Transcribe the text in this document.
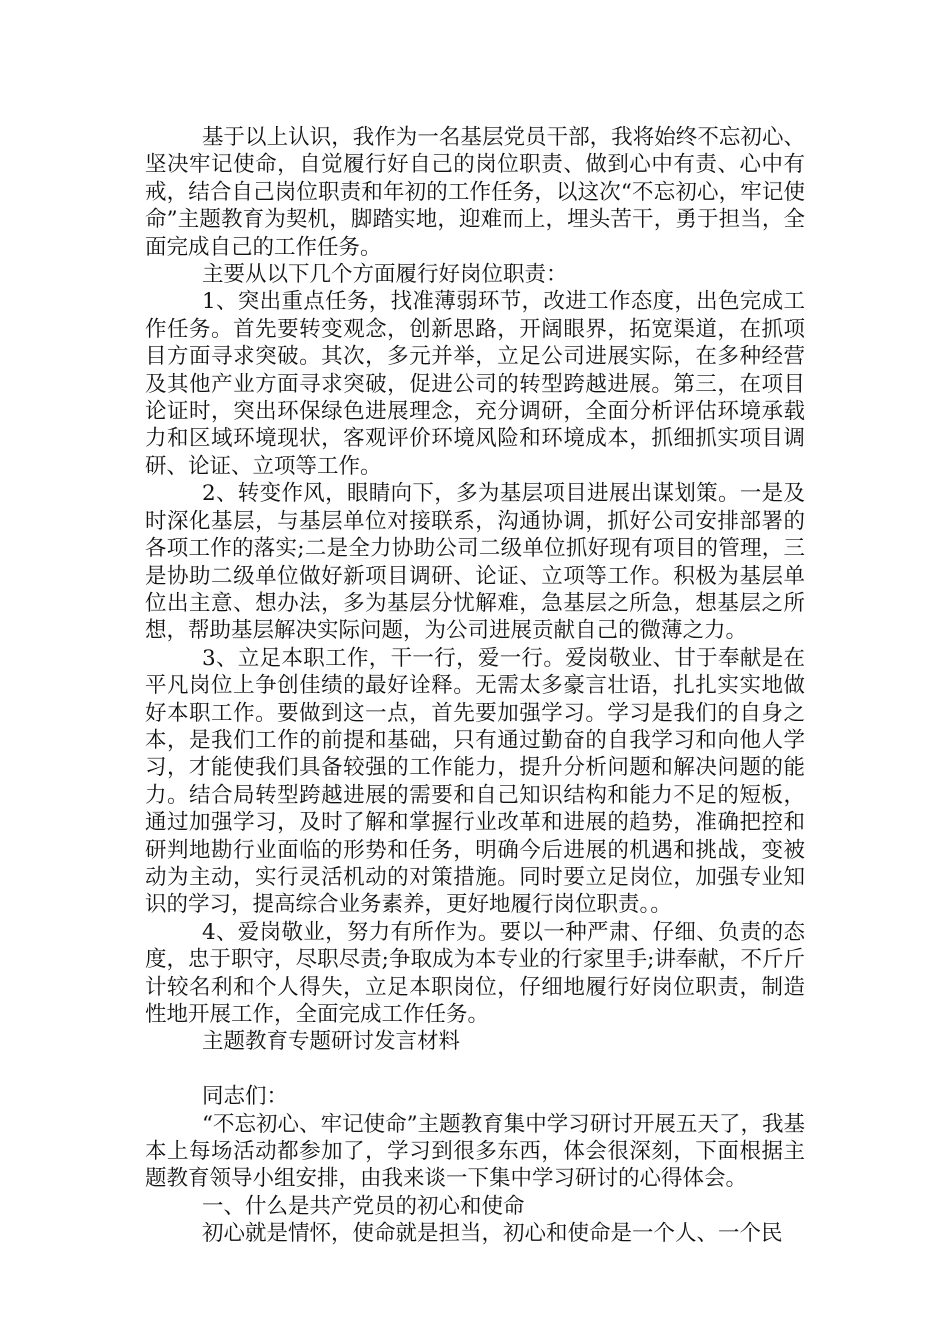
基于以上认识，我作为一名基层党员干部，我将始终不忘初心、坚决牢记使命，自觉履行好自己的岗位职责、做到心中有责、心中有戒，结合自己岗位职责和年初的工作任务，以这次“不忘初心，牢记使命”主题教育为契机，脚踏实地，迎难而上，埋头苦干，勇于担当，全面完成自己的工作任务。

主要从以下几个方面履行好岗位职责：

1、突出重点任务，找准薄弱环节，改进工作态度，出色完成工作任务。首先要转变观念，创新思路，开阔眼界，拓宽渠道，在抓项目方面寻求突破。其次，多元并举，立足公司进展实际，在多种经营及其他产业方面寻求突破，促进公司的转型跨越进展。第三，在项目论证时，突出环保绿色进展理念，充分调研，全面分析评估环境承载力和区域环境现状，客观评价环境风险和环境成本，抓细抓实项目调研、论证、立项等工作。

2、转变作风，眼睛向下，多为基层项目进展出谋划策。一是及时深化基层，与基层单位对接联系，沟通协调，抓好公司安排部署的各项工作的落实;二是全力协助公司二级单位抓好现有项目的管理，三是协助二级单位做好新项目调研、论证、立项等工作。积极为基层单位出主意、想办法，多为基层分忧解难，急基层之所急，想基层之所想，帮助基层解决实际问题，为公司进展贡献自己的微薄之力。

3、立足本职工作，干一行，爱一行。爱岗敬业、甘于奉献是在平凡岗位上争创佳绩的最好诠释。无需太多豪言壮语，扎扎实实地做好本职工作。要做到这一点，首先要加强学习。学习是我们的自身之本，是我们工作的前提和基础，只有通过勤奋的自我学习和向他人学习，才能使我们具备较强的工作能力，提升分析问题和解决问题的能力。结合局转型跨越进展的需要和自己知识结构和能力不足的短板，通过加强学习，及时了解和掌握行业改革和进展的趋势，准确把控和研判地勘行业面临的形势和任务，明确今后进展的机遇和挑战，变被动为主动，实行灵活机动的对策措施。同时要立足岗位，加强专业知识的学习，提高综合业务素养，更好地履行岗位职责。。

4、爱岗敬业，努力有所作为。要以一种严肃、仔细、负责的态度，忠于职守，尽职尽责;争取成为本专业的行家里手;讲奉献，不斤斤计较名利和个人得失，立足本职岗位，仔细地履行好岗位职责，制造性地开展工作，全面完成工作任务。

主题教育专题研讨发言材料

同志们：

“不忘初心、牢记使命”主题教育集中学习研讨开展五天了，我基本上每场活动都参加了，学习到很多东西，体会很深刻，下面根据主题教育领导小组安排，由我来谈一下集中学习研讨的心得体会。

一、什么是共产党员的初心和使命

初心就是情怀，使命就是担当，初心和使命是一个人、一个民
